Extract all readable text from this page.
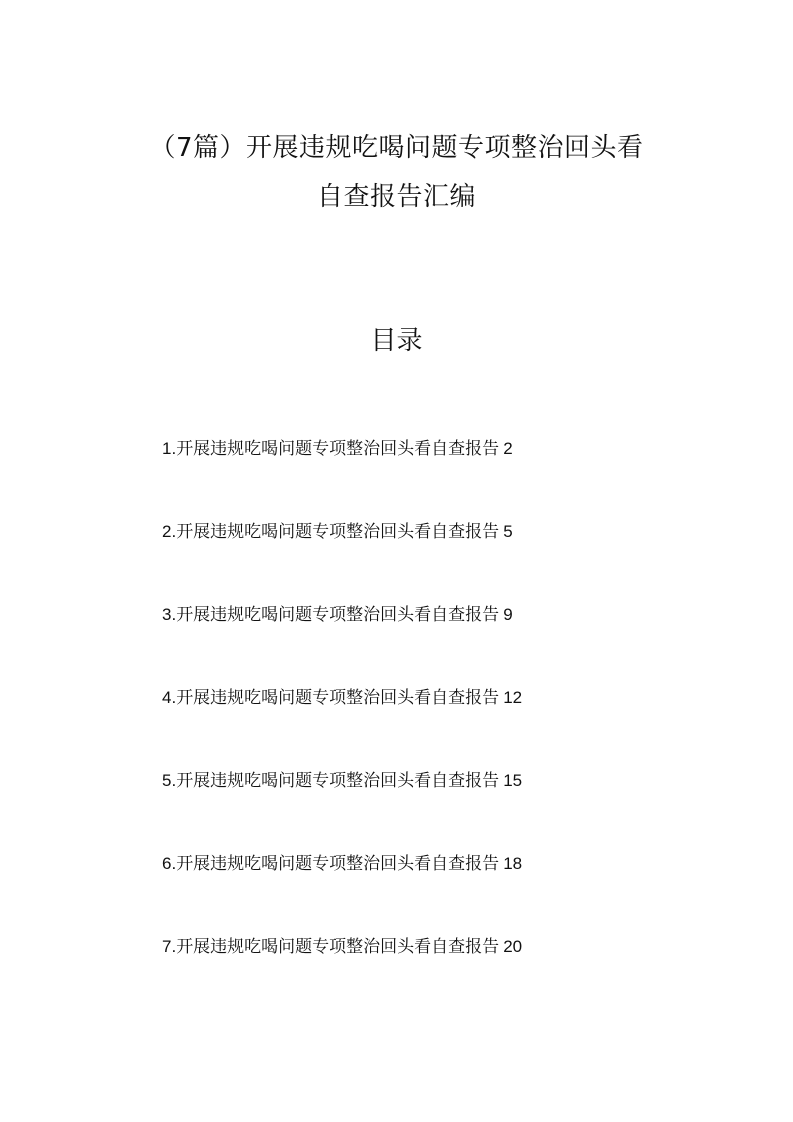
（7篇）开展违规吃喝问题专项整治回头看
自查报告汇编
目录
1.开展违规吃喝问题专项整治回头看自查报告 2
2.开展违规吃喝问题专项整治回头看自查报告 5
3.开展违规吃喝问题专项整治回头看自查报告 9
4.开展违规吃喝问题专项整治回头看自查报告 12
5.开展违规吃喝问题专项整治回头看自查报告 15
6.开展违规吃喝问题专项整治回头看自查报告 18
7.开展违规吃喝问题专项整治回头看自查报告 20
